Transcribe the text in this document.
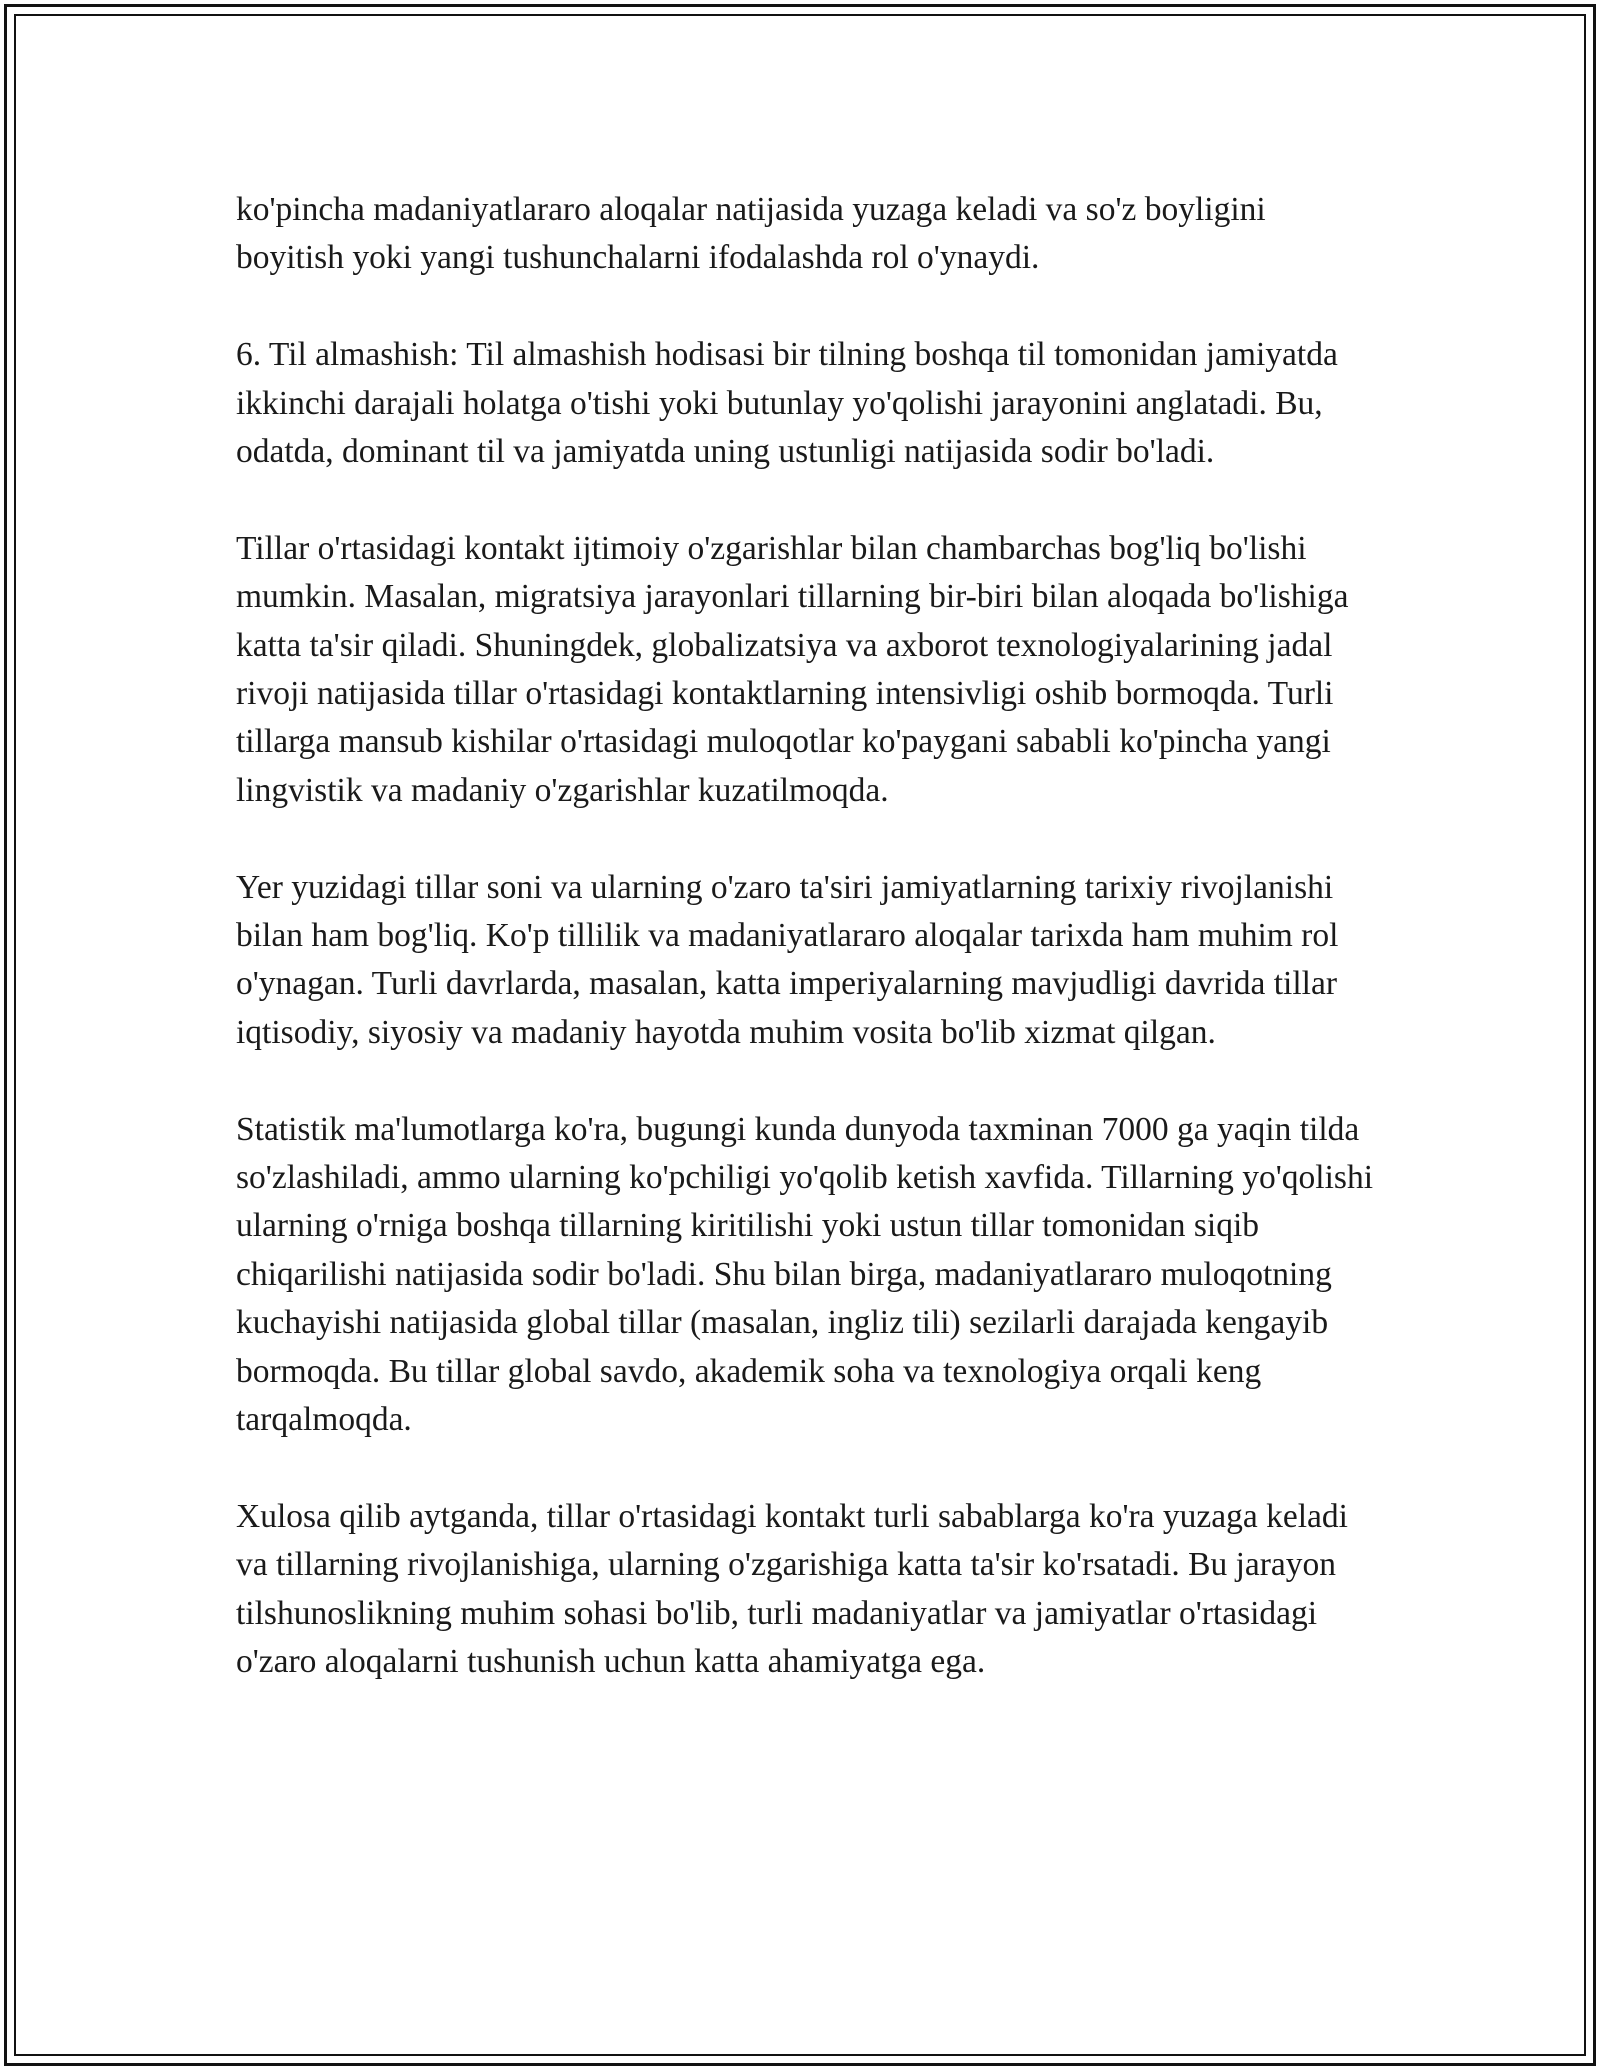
ko'pincha madaniyatlararo aloqalar natijasida yuzaga keladi va so'z boyligini boyitish yoki yangi tushunchalarni ifodalashda rol o'ynaydi.

6. Til almashish: Til almashish hodisasi bir tilning boshqa til tomonidan jamiyatda ikkinchi darajali holatga o'tishi yoki butunlay yo'qolishi jarayonini anglatadi. Bu, odatda, dominant til va jamiyatda uning ustunligi natijasida sodir bo'ladi.

Tillar o'rtasidagi kontakt ijtimoiy o'zgarishlar bilan chambarchas bog'liq bo'lishi mumkin. Masalan, migratsiya jarayonlari tillarning bir-biri bilan aloqada bo'lishiga katta ta'sir qiladi. Shuningdek, globalizatsiya va axborot texnologiyalarining jadal rivoji natijasida tillar o'rtasidagi kontaktlarning intensivligi oshib bormoqda. Turli tillarga mansub kishilar o'rtasidagi muloqotlar ko'paygani sababli ko'pincha yangi lingvistik va madaniy o'zgarishlar kuzatilmoqda.

Yer yuzidagi tillar soni va ularning o'zaro ta'siri jamiyatlarning tarixiy rivojlanishi bilan ham bog'liq. Ko'p tillilik va madaniyatlararo aloqalar tarixda ham muhim rol o'ynagan. Turli davrlarda, masalan, katta imperiyalarning mavjudligi davrida tillar iqtisodiy, siyosiy va madaniy hayotda muhim vosita bo'lib xizmat qilgan.

Statistik ma'lumotlarga ko'ra, bugungi kunda dunyoda taxminan 7000 ga yaqin tilda so'zlashiladi, ammo ularning ko'pchiligi yo'qolib ketish xavfida. Tillarning yo'qolishi ularning o'rniga boshqa tillarning kiritilishi yoki ustun tillar tomonidan siqib chiqarilishi natijasida sodir bo'ladi. Shu bilan birga, madaniyatlararo muloqotning kuchayishi natijasida global tillar (masalan, ingliz tili) sezilarli darajada kengayib bormoqda. Bu tillar global savdo, akademik soha va texnologiya orqali keng tarqalmoqda.

Xulosa qilib aytganda, tillar o'rtasidagi kontakt turli sabablarga ko'ra yuzaga keladi va tillarning rivojlanishiga, ularning o'zgarishiga katta ta'sir ko'rsatadi. Bu jarayon tilshunoslikning muhim sohasi bo'lib, turli madaniyatlar va jamiyatlar o'rtasidagi o'zaro aloqalarni tushunish uchun katta ahamiyatga ega.
